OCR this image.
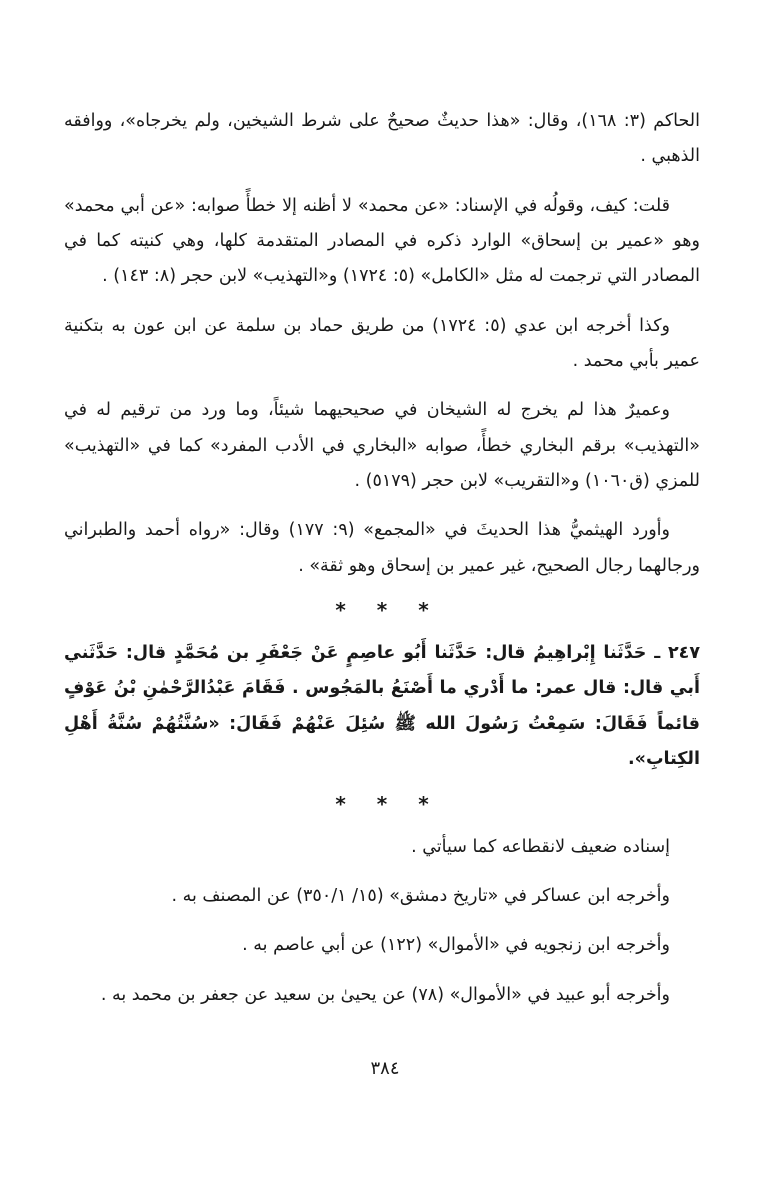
الحاكم (٣: ١٦٨)، وقال: «هذا حديثٌ صحيحٌ على شرط الشيخين، ولم يخرجاه»، ووافقه الذهبي .

قلت: كيف، وقولُه في الإسناد: «عن محمد» لا أظنه إلا خطأً صوابه: «عن أبي محمد» وهو «عمير بن إسحاق» الوارد ذكره في المصادر المتقدمة كلها، وهي كنيته كما في المصادر التي ترجمت له مثل «الكامل» (٥: ١٧٢٤) و«التهذيب» لابن حجر (٨: ١٤٣) .

وكذا أخرجه ابن عدي (٥: ١٧٢٤) من طريق حماد بن سلمة عن ابن عون به بتكنية عمير بأبي محمد .

وعميرٌ هذا لم يخرج له الشيخان في صحيحيهما شيئاً، وما ورد من ترقيم له في «التهذيب» برقم البخاري خطأً، صوابه «البخاري في الأدب المفرد» كما في «التهذيب» للمزي (ق١٠٦٠) و«التقريب» لابن حجر (٥١٧٩) .

وأورد الهيثميُّ هذا الحديثَ في «المجمع» (٩: ١٧٧) وقال: «رواه أحمد والطبراني ورجالهما رجال الصحيح، غير عمير بن إسحاق وهو ثقة» .

* * *

٢٤٧ ـ حَدَّثَنا إِبْراهِيمُ قال: حَدَّثَنا أَبُو عاصِمٍ عَنْ جَعْفَرِ بن مُحَمَّدٍ قال: حَدَّثَني أَبي قال: قال عمر: ما أَدْري ما أَصْنَعُ بالمَجُوس . فَقَامَ عَبْدُالرَّحْمٰنِ بْنُ عَوْفٍ قائماً فَقَالَ: سَمِعْتُ رَسُولَ الله ﷺ سُئِلَ عَنْهُمْ فَقَالَ: «سُنَّتُهُمْ سُنَّةُ أَهْلِ الكِتابِ».

* * *

إسناده ضعيف لانقطاعه كما سيأتي .

وأخرجه ابن عساكر في «تاريخ دمشق» (١٥/ ٣٥٠/١) عن المصنف به .

وأخرجه ابن زنجويه في «الأموال» (١٢٢) عن أبي عاصم به .

وأخرجه أبو عبيد في «الأموال» (٧٨) عن يحيىٰ بن سعيد عن جعفر بن محمد به .

٣٨٤
